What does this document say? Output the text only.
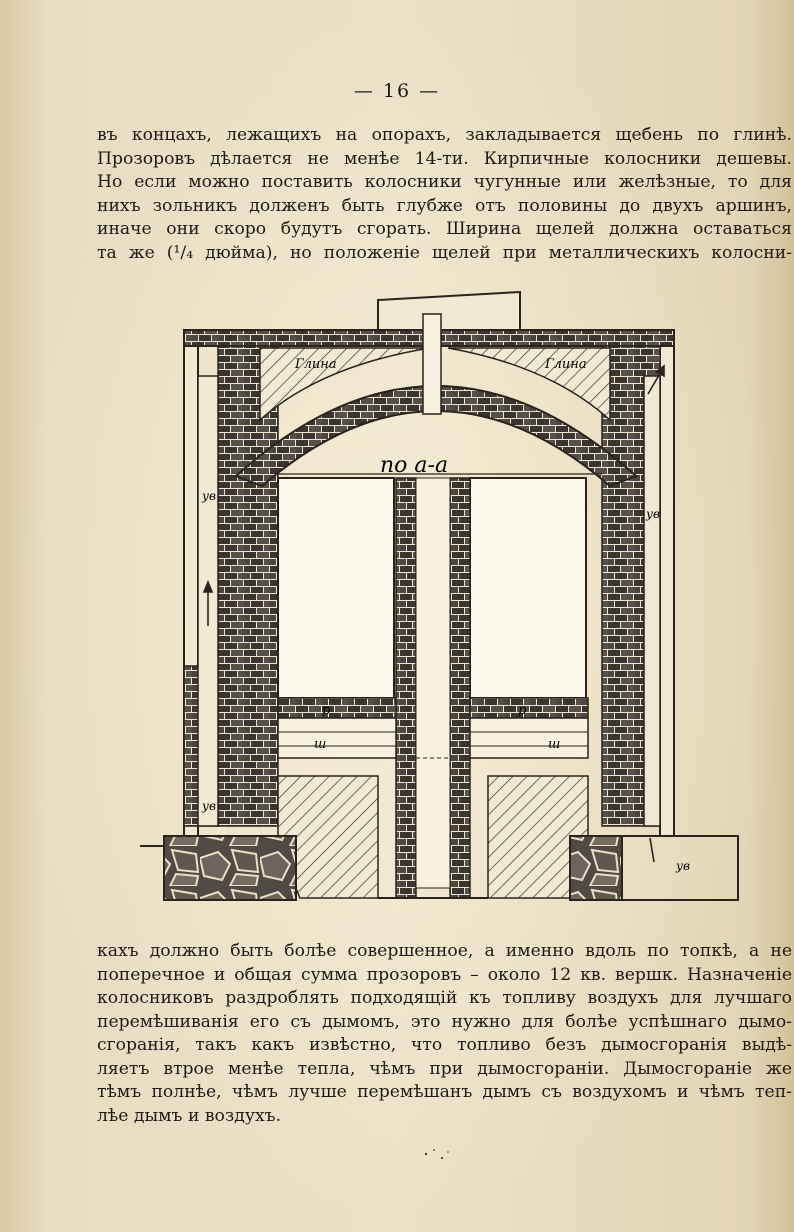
— 16 —
въ концахъ, лежащихъ на опорахъ, закладывается щебень по глинѣ.
Прозоровъ дѣлается не менѣе 14-ти. Кирпичные колосники дешевы.
Но если можно поставить колосники чугунные или желѣзные, то для
нихъ зольникъ долженъ быть глубже отъ половины до двухъ аршинъ,
иначе они скоро будутъ сгорать. Ширина щелей должна оставаться
та же (¹/₄ дюйма), но положеніе щелей при металлическихъ колосни-
Глина	Глина
по a-a
р	р
ш	ш
ув
ув
ув
ув
кахъ должно быть болѣе совершенное, а именно вдоль по топкѣ, а не
поперечное и общая сумма прозоровъ – около 12 кв. вершк. Назначеніе
колосниковъ раздроблять подходящій къ топливу воздухъ для лучшаго
перемѣшиванія его съ дымомъ, это нужно для болѣе успѣшнаго дымо-
сгоранія, такъ какъ извѣстно, что топливо безъ дымосгоранія выдѣ-
ляетъ втрое менѣе тепла, чѣмъ при дымосгораніи. Дымосгораніе же
тѣмъ полнѣе, чѣмъ лучше перемѣшанъ дымъ съ воздухомъ и чѣмъ теп-
лѣе дымъ и воздухъ.
